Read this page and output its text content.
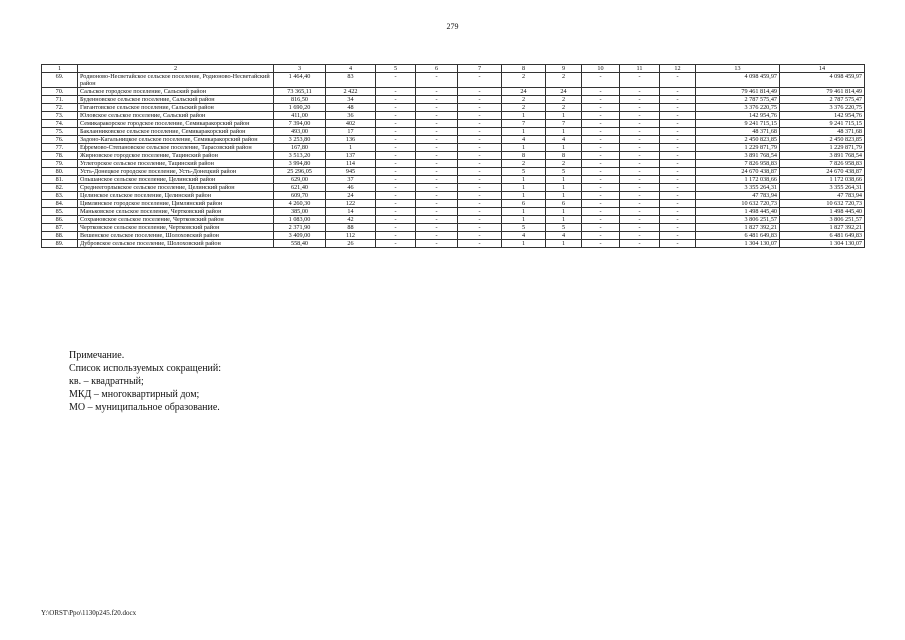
279
1	2	3	4	5	6	7	8	9	10	11	12	13	14
69.	Родионово-Несветайское сельское поселение, Родионово-Несветайский район	1 464,40	83	-	-	-	2	2	-	-	-	4 098 459,97	4 098 459,97
70.	Сальское городское поселение, Сальский район	73 365,11	2 422	-	-	-	24	24	-	-	-	79 461 814,49	79 461 814,49
71.	Буденновское сельское поселение, Сальский район	816,50	34	-	-	-	2	2	-	-	-	2 787 575,47	2 787 575,47
72.	Гигантовское сельское поселение, Сальский район	1 690,20	48	-	-	-	2	2	-	-	-	3 376 220,75	3 376 220,75
73.	Юловское сельское поселение, Сальский район	411,00	36	-	-	-	1	1	-	-	-	142 954,76	142 954,76
74.	Семикаракорское городское поселение, Семикаракорский район	7 394,00	402	-	-	-	7	7	-	-	-	9 241 715,15	9 241 715,15
75.	Бакланниковское сельское поселение, Семикаракорский район	493,00	17	-	-	-	1	1	-	-	-	48 371,68	48 371,68
76.	Задоно-Кагальницкое сельское поселение, Семикаракорский район	3 253,80	136	-	-	-	4	4	-	-	-	2 450 823,85	2 450 823,85
77.	Ефремово-Степановское сельское поселение, Тарасовский район	167,80	1	-	-	-	1	1	-	-	-	1 229 871,79	1 229 871,79
78.	Жирновское городское поселение, Тацинский район	3 513,20	137	-	-	-	8	8	-	-	-	3 891 768,54	3 891 768,54
79.	Углегорское сельское поселение, Тацинский район	3 994,80	114	-	-	-	2	2	-	-	-	7 826 958,83	7 826 958,83
80.	Усть-Донецкое городское поселение, Усть-Донецкий район	25 296,05	945	-	-	-	5	5	-	-	-	24 670 438,87	24 670 438,87
81.	Ольшанское сельское поселение, Целинский район	629,00	37	-	-	-	1	1	-	-	-	1 172 038,66	1 172 038,66
82.	Среднеегорлыкское сельское поселение, Целинский район	621,40	46	-	-	-	1	1	-	-	-	3 355 264,31	3 355 264,31
83.	Целинское сельское поселение, Целинский район	609,70	24	-	-	-	1	1	-	-	-	47 783,94	47 783,94
84.	Цимлянское городское поселение, Цимлянский район	4 260,30	122	-	-	-	6	6	-	-	-	10 632 720,73	10 632 720,73
85.	Маньковское сельское поселение, Чертковский район	385,00	14	-	-	-	1	1	-	-	-	1 498 445,40	1 498 445,40
86.	Сохрановское сельское поселение, Чертковский район	1 083,00	42	-	-	-	1	1	-	-	-	3 806 251,57	3 806 251,57
87.	Чертковское сельское поселение, Чертковский район	2 371,90	88	-	-	-	5	5	-	-	-	1 827 392,21	1 827 392,21
88.	Вешенское сельское поселение, Шолоховский район	3 409,00	112	-	-	-	4	4	-	-	-	6 481 649,83	6 481 649,83
89.	Дубровское сельское поселение, Шолоховский район	558,40	26	-	-	-	1	1	-	-	-	1 304 130,07	1 304 130,07
Примечание.
Список используемых сокращений:
кв. – квадратный;
МКД – многоквартирный дом;
МО – муниципальное образование.
Y:\ORST\Ppo\1130p245.f20.docx
